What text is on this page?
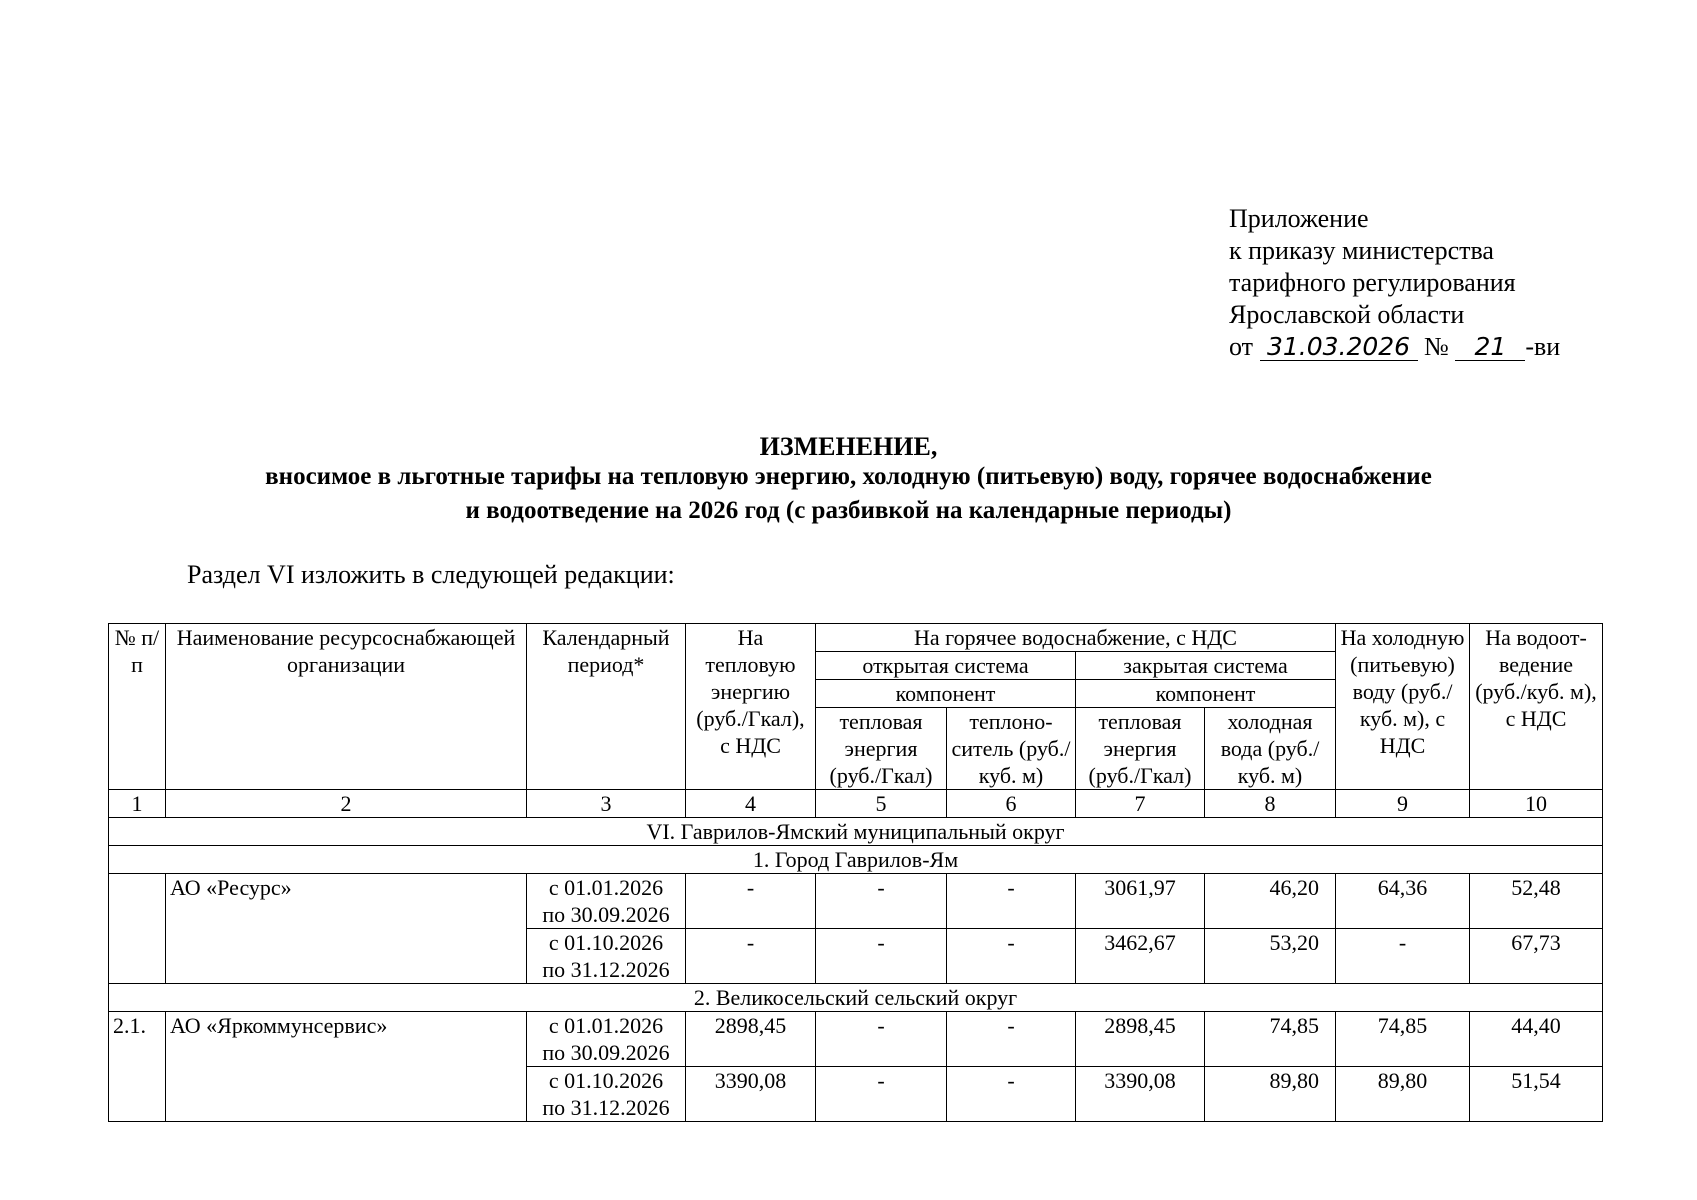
Приложение
к приказу министерства
тарифного регулирования
Ярославской области
от 31.03.2026 № 21 -ви
ИЗМЕНЕНИЕ,
вносимое в льготные тарифы на тепловую энергию, холодную (питьевую) воду, горячее водоснабжение
и водоотведение на 2026 год (с разбивкой на календарные периоды)
Раздел VI изложить в следующей редакции:
№ п/п	Наименование ресурсоснабжающей организации	Календарный период*	На тепловую энергию (руб./Гкал), с НДС	На горячее водоснабжение, с НДС				На холодную (питьевую) воду (руб./куб. м), с НДС	На водоот-ведение (руб./куб. м), с НДС
				открытая система		закрытая система			
				компонент		компонент			
				тепловая энергия (руб./Гкал)	теплоно-ситель (руб./куб. м)	тепловая энергия (руб./Гкал)	холодная вода (руб./куб. м)		
1	2	3	4	5	6	7	8	9	10
VI. Гаврилов-Ямский муниципальный округ									
1. Город Гаврилов-Ям									
	АО «Ресурс»	с 01.01.2026
по 30.09.2026	-	-	-	3061,97	46,20	64,36	52,48

		с 01.10.2026
по 31.12.2026	-	-	-	3462,67	53,20	-	67,73
2. Великосельский сельский округ									
2.1.	АО «Яркоммунсервис»	с 01.01.2026
по 30.09.2026	2898,45	-	-	2898,45	74,85	74,85	44,40

		с 01.10.2026
по 31.12.2026	3390,08	-	-	3390,08	89,80	89,80	51,54
